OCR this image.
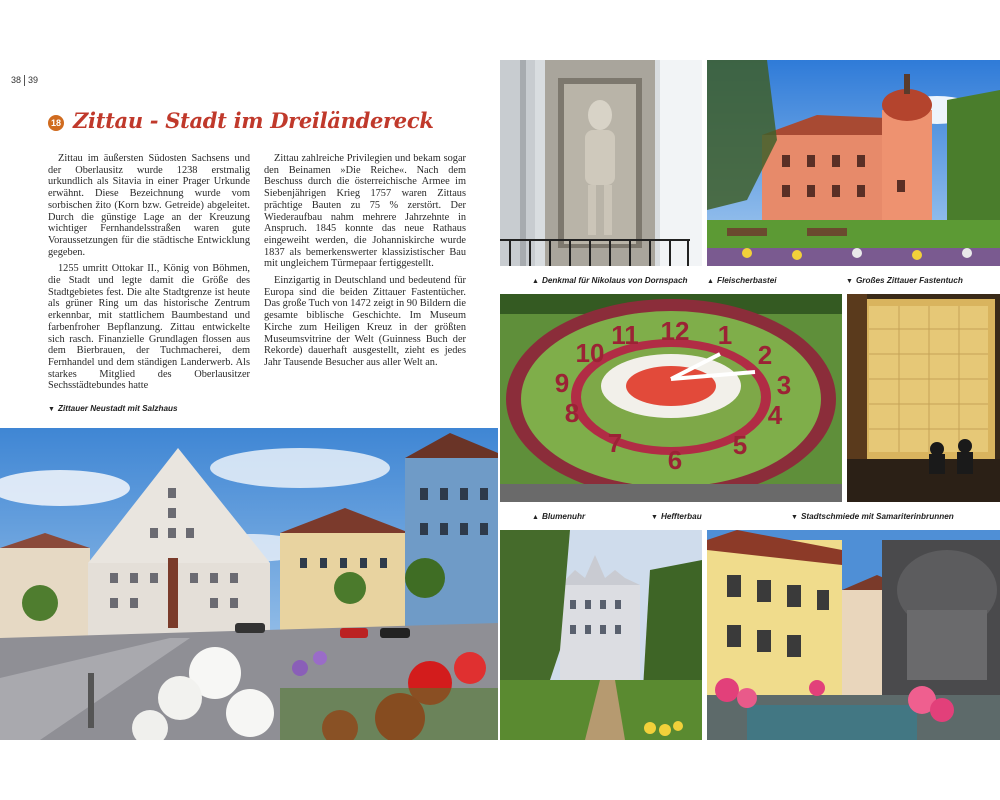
38 39
18 Zittau - Stadt im Dreiländereck

Zittau im äußersten Südosten Sachsens und der Oberlausitz wurde 1238 erstmalig urkundlich als Sitavia in einer Prager Urkunde erwähnt. Diese Bezeichnung wurde vom sorbischen žito (Korn bzw. Getreide) abgeleitet. Durch die günstige Lage an der Kreuzung wichtiger Fernhandelsstraßen waren gute Voraussetzungen für die städtische Entwicklung gegeben.

1255 umritt Ottokar II., König von Böhmen, die Stadt und legte damit die Größe des Stadtgebietes fest. Die alte Stadtgrenze ist heute als grüner Ring um das historische Zentrum erkennbar, mit stattlichem Baumbestand und farbenfroher Bepflanzung. Zittau entwickelte sich rasch. Finanzielle Grundlagen flossen aus dem Bierbrauen, der Tuchmacherei, dem Fernhandel und dem ständigen Landerwerb. Als starkes Mitglied des Oberlausitzer Sechsstädtebundes hatte

Zittau zahlreiche Privilegien und bekam sogar den Beinamen »Die Reiche«. Nach dem Beschuss durch die österreichische Armee im Siebenjährigen Krieg 1757 waren Zittaus prächtige Bauten zu 75 % zerstört. Der Wiederaufbau nahm mehrere Jahrzehnte in Anspruch. 1845 konnte das neue Rathaus eingeweiht werden, die Johanniskirche wurde 1837 als bemerkenswerter klassizistischer Bau mit ungleichem Türmepaar fertiggestellt.

Einzigartig in Deutschland und bedeutend für Europa sind die beiden Zittauer Fastentücher. Das große Tuch von 1472 zeigt in 90 Bildern die gesamte biblische Geschichte. Im Museum Kirche zum Heiligen Kreuz in der größten Museumsvitrine der Welt (Guinness Buch der Rekorde) dauerhaft ausgestellt, zieht es jedes Jahr Tausende Besucher aus aller Welt an.

▼ Zittauer Neustadt mit Salzhaus
▲ Denkmal für Nikolaus von Dornspach	▲ Fleischerbastei	▼ Großes Zittauer Fastentuch
12 1
2
3
4
5
6
7
8
9
10
11
▲ Blumenuhr	▼ Heffterbau	▼ Stadtschmiede mit Samariterinbrunnen
